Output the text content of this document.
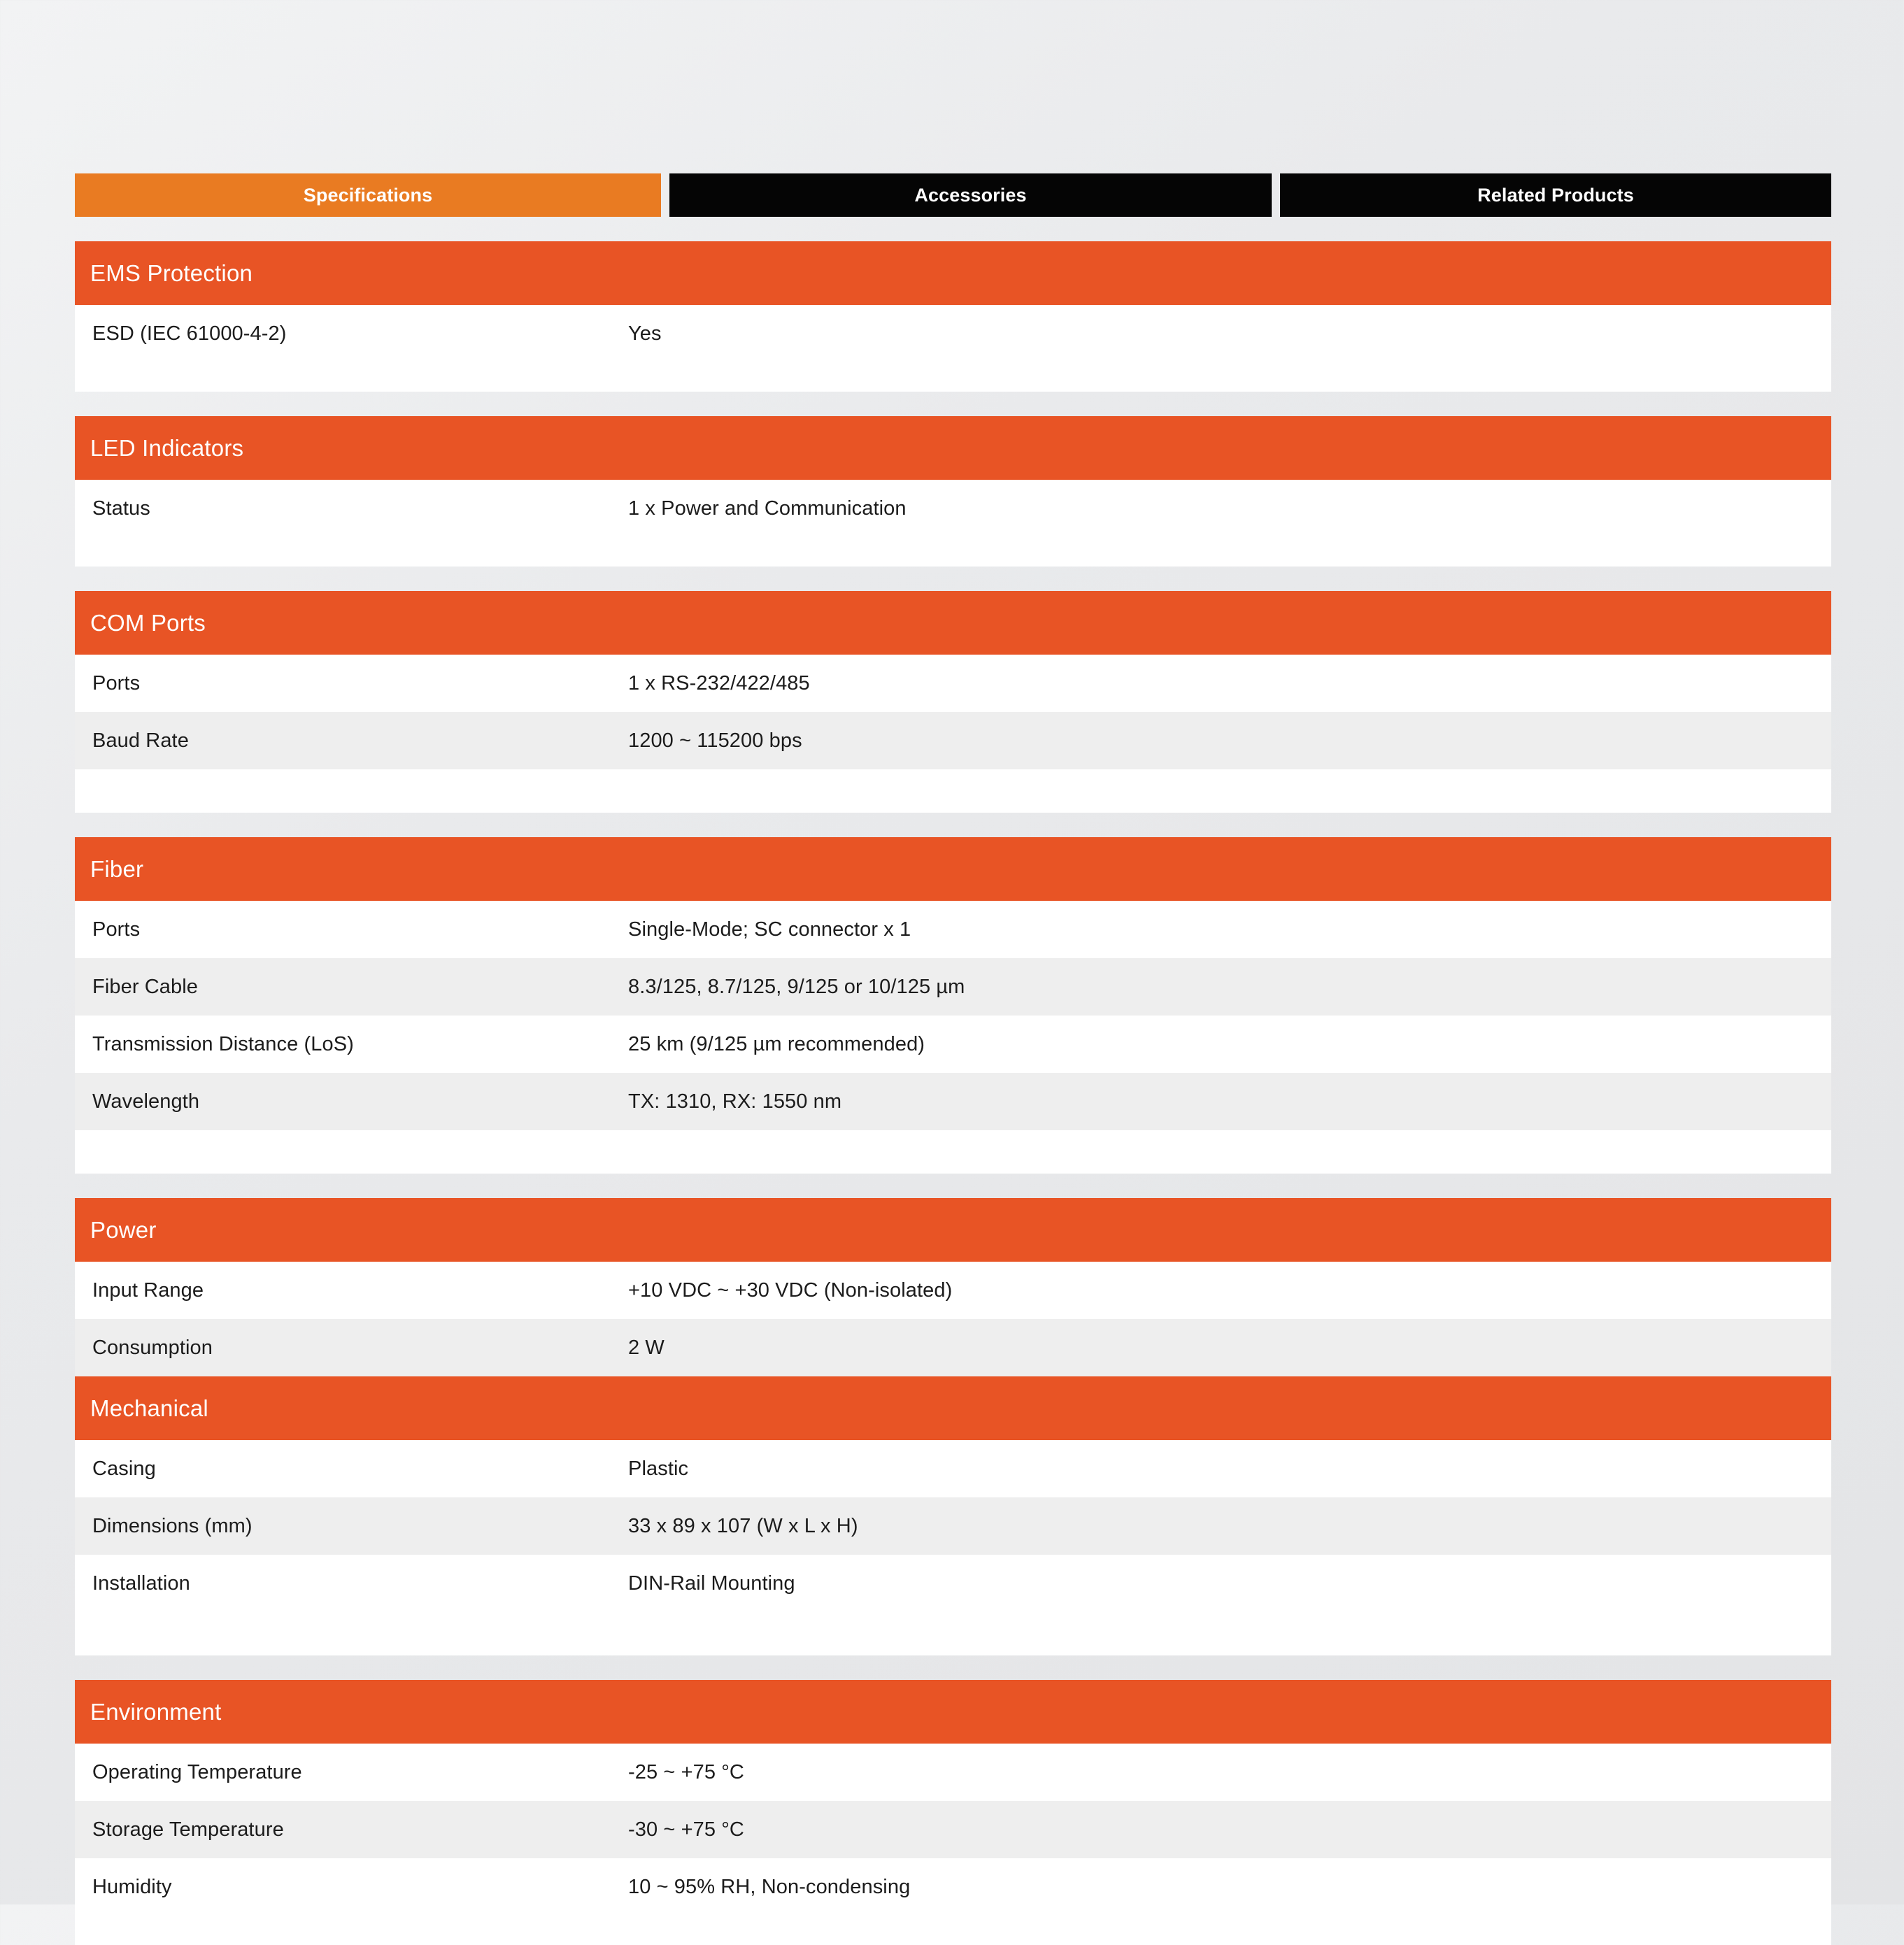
Specifications	Accessories	Related Products
EMS Protection
ESD (IEC 61000-4-2)	Yes
LED Indicators
Status	1 x Power and Communication
COM Ports
Ports	1 x RS-232/422/485
Baud Rate	1200 ~ 115200 bps
Fiber
Ports	Single-Mode; SC connector x 1
Fiber Cable	8.3/125, 8.7/125, 9/125 or 10/125 µm
Transmission Distance (LoS)	25 km (9/125 µm recommended)
Wavelength	TX: 1310, RX: 1550 nm
Power
Input Range	+10 VDC ~ +30 VDC (Non-isolated)
Consumption	2 W
Mechanical
Casing	Plastic
Dimensions (mm)	33 x 89 x 107 (W x L x H)
Installation	DIN-Rail Mounting
Environment
Operating Temperature	-25 ~ +75 °C
Storage Temperature	-30 ~ +75 °C
Humidity	10 ~ 95% RH, Non-condensing
